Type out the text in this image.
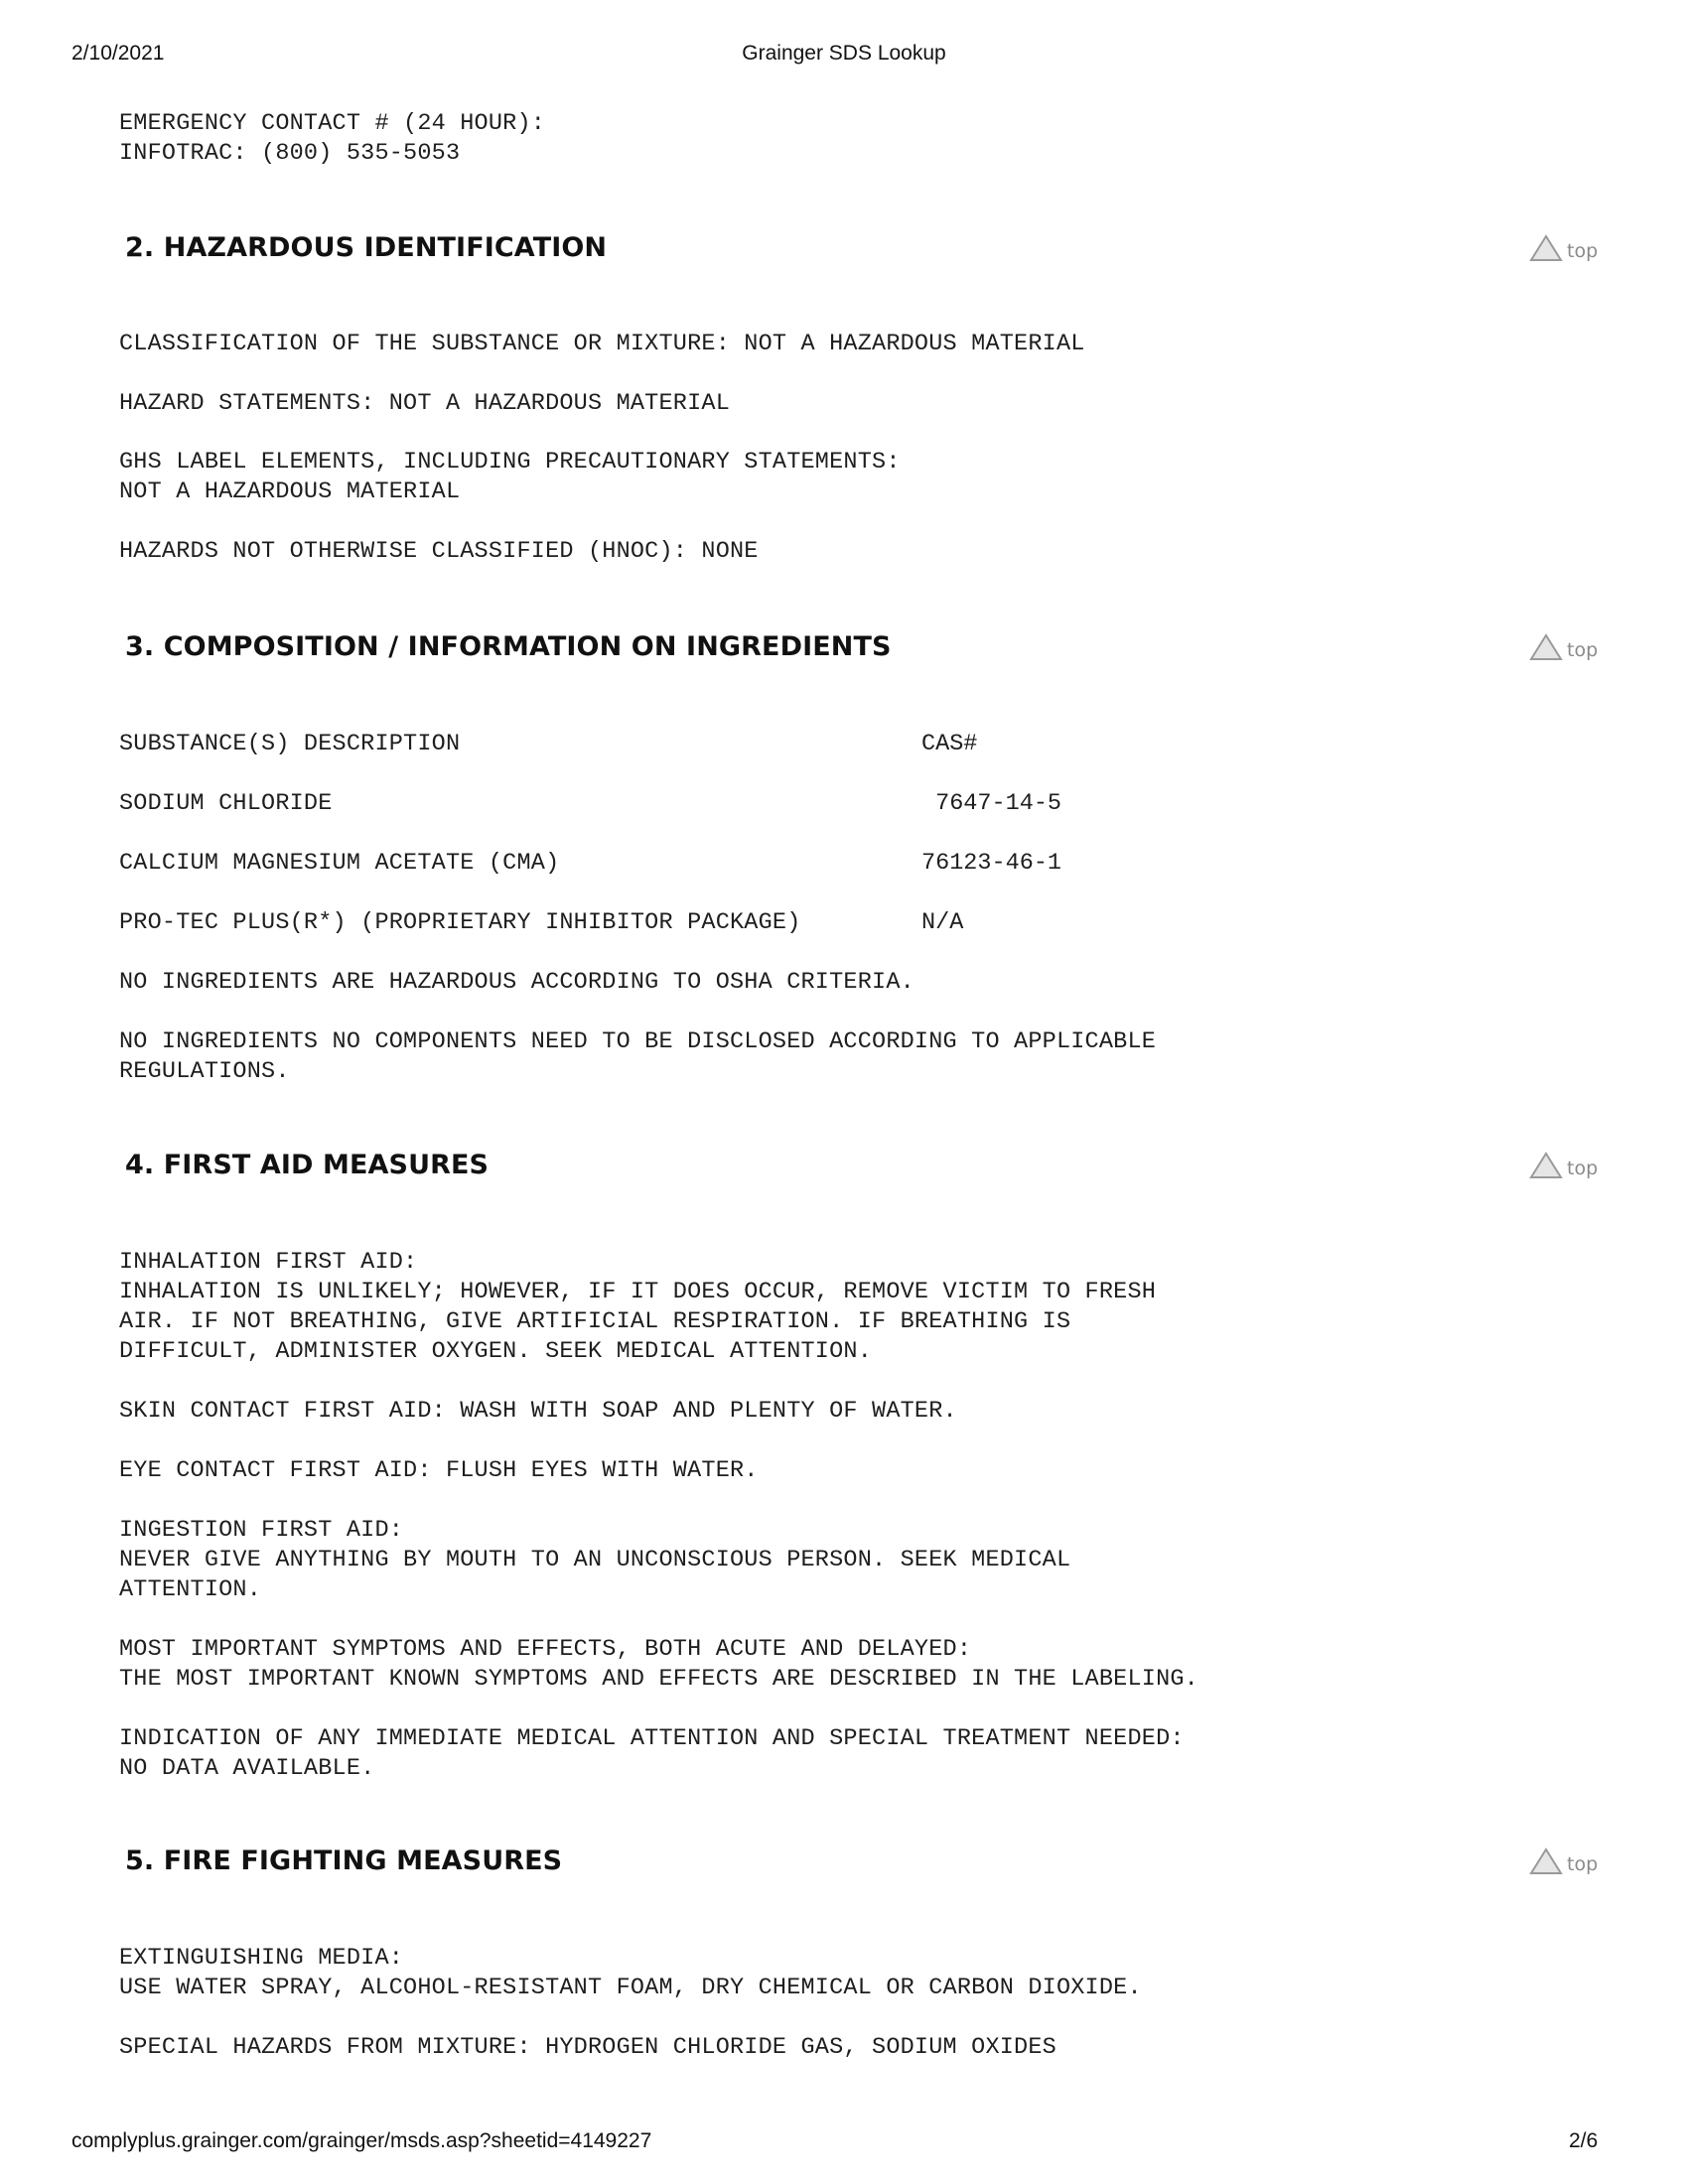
2/10/2021	Grainger SDS Lookup
EMERGENCY CONTACT # (24 HOUR):
INFOTRAC: (800) 535-5053
2. HAZARDOUS IDENTIFICATION	top
CLASSIFICATION OF THE SUBSTANCE OR MIXTURE: NOT A HAZARDOUS MATERIAL
HAZARD STATEMENTS: NOT A HAZARDOUS MATERIAL
GHS LABEL ELEMENTS, INCLUDING PRECAUTIONARY STATEMENTS:
NOT A HAZARDOUS MATERIAL
HAZARDS NOT OTHERWISE CLASSIFIED (HNOC): NONE
3. COMPOSITION / INFORMATION ON INGREDIENTS	top
SUBSTANCE(S) DESCRIPTION	CAS#
SODIUM CHLORIDE	7647-14-5
CALCIUM MAGNESIUM ACETATE (CMA)	76123-46-1
PRO-TEC PLUS(R*) (PROPRIETARY INHIBITOR PACKAGE)	N/A
NO INGREDIENTS ARE HAZARDOUS ACCORDING TO OSHA CRITERIA.
NO INGREDIENTS NO COMPONENTS NEED TO BE DISCLOSED ACCORDING TO APPLICABLE
REGULATIONS.
4. FIRST AID MEASURES	top
INHALATION FIRST AID:
INHALATION IS UNLIKELY; HOWEVER, IF IT DOES OCCUR, REMOVE VICTIM TO FRESH
AIR. IF NOT BREATHING, GIVE ARTIFICIAL RESPIRATION. IF BREATHING IS
DIFFICULT, ADMINISTER OXYGEN. SEEK MEDICAL ATTENTION.
SKIN CONTACT FIRST AID: WASH WITH SOAP AND PLENTY OF WATER.
EYE CONTACT FIRST AID: FLUSH EYES WITH WATER.
INGESTION FIRST AID:
NEVER GIVE ANYTHING BY MOUTH TO AN UNCONSCIOUS PERSON. SEEK MEDICAL
ATTENTION.
MOST IMPORTANT SYMPTOMS AND EFFECTS, BOTH ACUTE AND DELAYED:
THE MOST IMPORTANT KNOWN SYMPTOMS AND EFFECTS ARE DESCRIBED IN THE LABELING.
INDICATION OF ANY IMMEDIATE MEDICAL ATTENTION AND SPECIAL TREATMENT NEEDED:
NO DATA AVAILABLE.
5. FIRE FIGHTING MEASURES	top
EXTINGUISHING MEDIA:
USE WATER SPRAY, ALCOHOL-RESISTANT FOAM, DRY CHEMICAL OR CARBON DIOXIDE.
SPECIAL HAZARDS FROM MIXTURE: HYDROGEN CHLORIDE GAS, SODIUM OXIDES
complyplus.grainger.com/grainger/msds.asp?sheetid=4149227	2/6
